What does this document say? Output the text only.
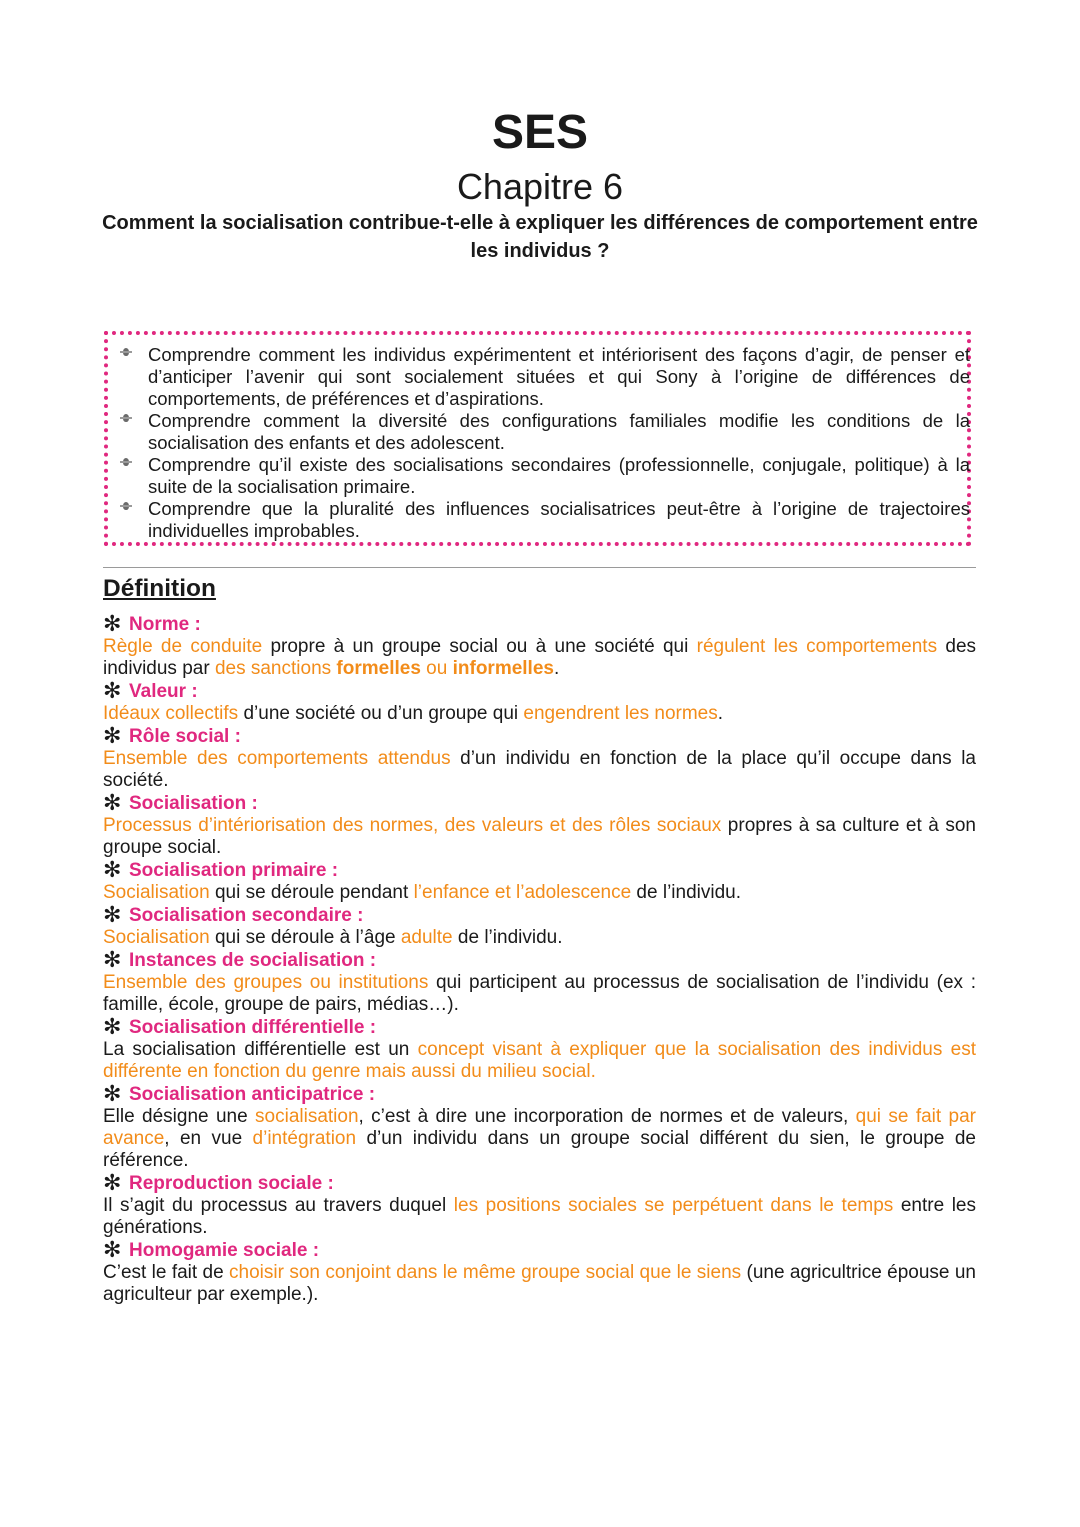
SES
Chapitre 6
Comment la socialisation contribue-t-elle à expliquer les différences de comportement entre les individus ?
Comprendre comment les individus expérimentent et intériorisent des façons d’agir, de penser et d’anticiper l’avenir qui sont socialement situées et qui Sony à l’origine de différences de comportements, de préférences et d’aspirations.
Comprendre comment la diversité des configurations familiales modifie les conditions de la socialisation des enfants et des adolescent.
Comprendre qu’il existe des socialisations secondaires (professionnelle, conjugale, politique) à la suite de la socialisation primaire.
Comprendre que la pluralité des influences socialisatrices peut-être à l’origine de trajectoires individuelles improbables.
Définition
✻ Norme :
Règle de conduite propre à un groupe social ou à une société qui régulent les comportements des individus par des sanctions formelles ou informelles.
✻ Valeur :
Idéaux collectifs d’une société ou d’un groupe qui engendrent les normes.
✻ Rôle social :
Ensemble des comportements attendus d’un individu en fonction de la place qu’il occupe dans la société.
✻ Socialisation :
Processus d’intériorisation des normes, des valeurs et des rôles sociaux propres à sa culture et à son groupe social.
✻ Socialisation primaire :
Socialisation qui se déroule pendant l’enfance et l’adolescence de l’individu.
✻ Socialisation secondaire :
Socialisation qui se déroule à l’âge adulte de l’individu.
✻ Instances de socialisation :
Ensemble des groupes ou institutions qui participent au processus de socialisation de l’individu (ex : famille, école, groupe de pairs, médias…).
✻ Socialisation différentielle :
La socialisation différentielle est un concept visant à expliquer que la socialisation des individus est différente en fonction du genre mais aussi du milieu social.
✻ Socialisation anticipatrice :
Elle désigne une socialisation, c’est à dire une incorporation de normes et de valeurs, qui se fait par avance, en vue d’intégration d’un individu dans un groupe social différent du sien, le groupe de référence.
✻ Reproduction sociale :
Il s’agit du processus au travers duquel les positions sociales se perpétuent dans le temps entre les générations.
✻ Homogamie sociale :
C’est le fait de choisir son conjoint dans le même groupe social que le siens (une agricultrice épouse un agriculteur par exemple.).
